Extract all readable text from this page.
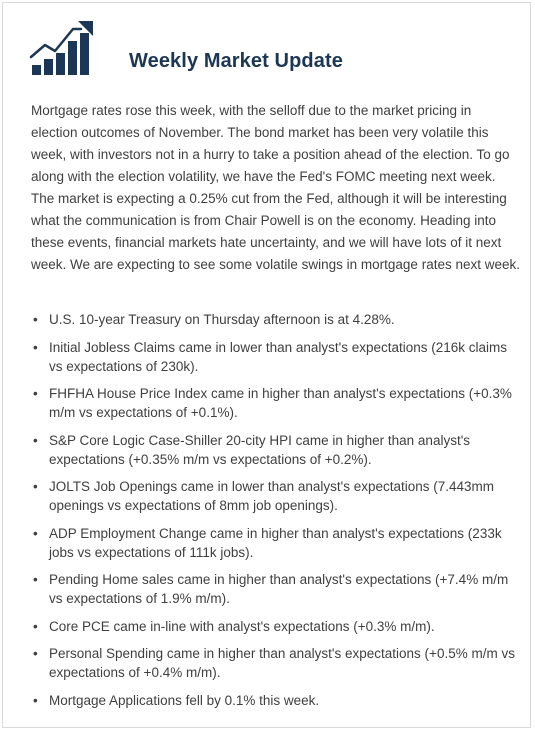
Weekly Market Update

Mortgage rates rose this week, with the selloff due to the market pricing in election outcomes of November. The bond market has been very volatile this week, with investors not in a hurry to take a position ahead of the election. To go along with the election volatility, we have the Fed's FOMC meeting next week. The market is expecting a 0.25% cut from the Fed, although it will be interesting what the communication is from Chair Powell is on the economy. Heading into these events, financial markets hate uncertainty, and we will have lots of it next week. We are expecting to see some volatile swings in mortgage rates next week.

• U.S. 10-year Treasury on Thursday afternoon is at 4.28%.
• Initial Jobless Claims came in lower than analyst's expectations (216k claims vs expectations of 230k).
• FHFHA House Price Index came in higher than analyst's expectations (+0.3% m/m vs expectations of +0.1%).
• S&P Core Logic Case-Shiller 20-city HPI came in higher than analyst's expectations (+0.35% m/m vs expectations of +0.2%).
• JOLTS Job Openings came in lower than analyst's expectations (7.443mm openings vs expectations of 8mm job openings).
• ADP Employment Change came in higher than analyst's expectations (233k jobs vs expectations of 111k jobs).
• Pending Home sales came in higher than analyst's expectations (+7.4% m/m vs expectations of 1.9% m/m).
• Core PCE came in-line with analyst's expectations (+0.3% m/m).
• Personal Spending came in higher than analyst's expectations (+0.5% m/m vs expectations of +0.4% m/m).
• Mortgage Applications fell by 0.1% this week.
